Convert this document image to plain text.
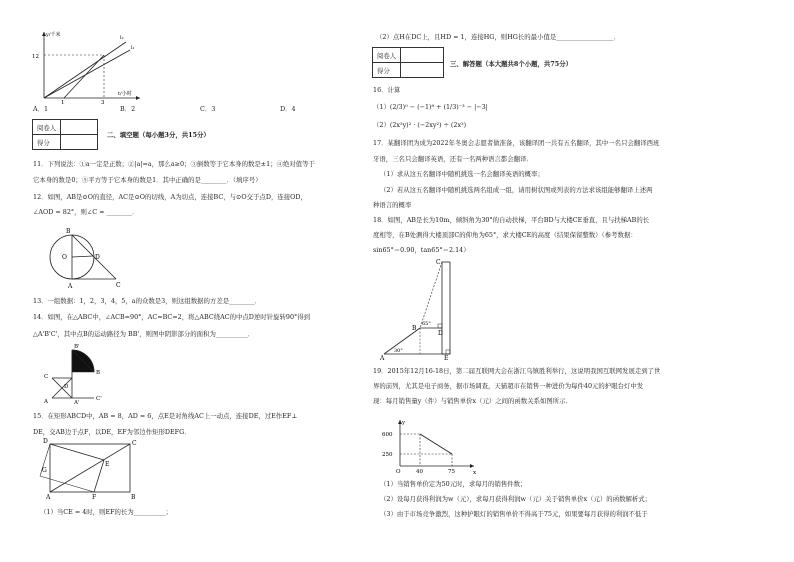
y/千米
t/小时
12
1	3
l₂
l₁
A．1	B．2	C．3	D．4
阅卷人	
得分	
二、填空题（每小题3分，共15分）
11．下列说法：①a一定是正数；②|a|=a，那么a≥0；③倒数等于它本身的数是±1；④绝对值等于
它本身的数是0；⑤平方等于它本身的数是1．其中正确的是________．（填序号）
12．如图，AB是⊙O的直径，AC是⊙O的切线，A为切点，连接BC，与⊙O交于点D，连接OD，
∠AOD = 82°，则∠C = ________．
B
O	D
A	C
13．一组数据：1，2，3，4，5，a的众数是3，则这组数据的方差是________．
14．如图，在△ABC中，∠ACB=90°，AC=BC=2，将△ABC绕AC的中点D逆时针旋转90°得到
△A'B'C'，其中点B的运动路径为 BB'，则图中阴影部分的面积为__________．
B'
B
C
A'
D
C'
A
15．在矩形ABCD中，AB = 8，AD = 6，点E是对角线AC上一动点，连接DE，过E作EF⊥
DE，交AB边于点F，以DE，EF为邻边作矩形DEFG．
D	C
G
E
A	F	B
（1）当CE = 4时，则EF的长为__________；
（2）点H在DC上，且HD = 1，连接HG，则HG长的最小值是__________________．
阅卷人	
得分	
三、解答题（本大题共8个小题，共75分）
16．计算
（1）(2/3)⁰ − (−1)⁸ + (1/3)⁻³ − |−3|
（2）(2x²y)² · (−2xy²) ÷ (2x²)
17．某翻译团为成为2022年冬奥会志愿者做准备，该翻译团一共有五名翻译，其中一名只会翻译西班
牙语，三名只会翻译英语，还有一名两种语言都会翻译．
（1）求从这五名翻译中随机挑选一名会翻译英语的概率；
（2）若从这五名翻译中随机挑选两名组成一组，请用树状图或列表的方法求该组能够翻译上述两
种语言的概率
18．如图，AB是长为10m，倾斜角为30°的自动扶梯，平台BD与大楼CE垂直，且与扶梯AB的长
度相等，在B处测得大楼顶部C的仰角为65°，求大楼CE的高度（结果保留整数）（参考数据：
sin65°＝0.90，tan65°＝2.14）
C
65°
B
D
30°
A	E
19．2015年12月16-18日，第二届互联网大会在浙江乌镇胜利举行，这说明我国互联网发展走到了世
界的前列，尤其是电子商务，据市场调查，天猫超市在销售一种进价为每件40元的护眼台灯中发
现：每月销售量y（件）与销售单价x（元）之间的函数关系如图所示．
y
x
O
600
250
40	75
（1）当销售单价定为50元时，求每月的销售件数；
（2）设每月获得利润为w（元），求每月获得利润w（元）关于销售单价x（元）的函数解析式；
（3）由于市场竞争激烈，这种护眼灯的销售单价不得高于75元，如果要每月获得的利润不低于
